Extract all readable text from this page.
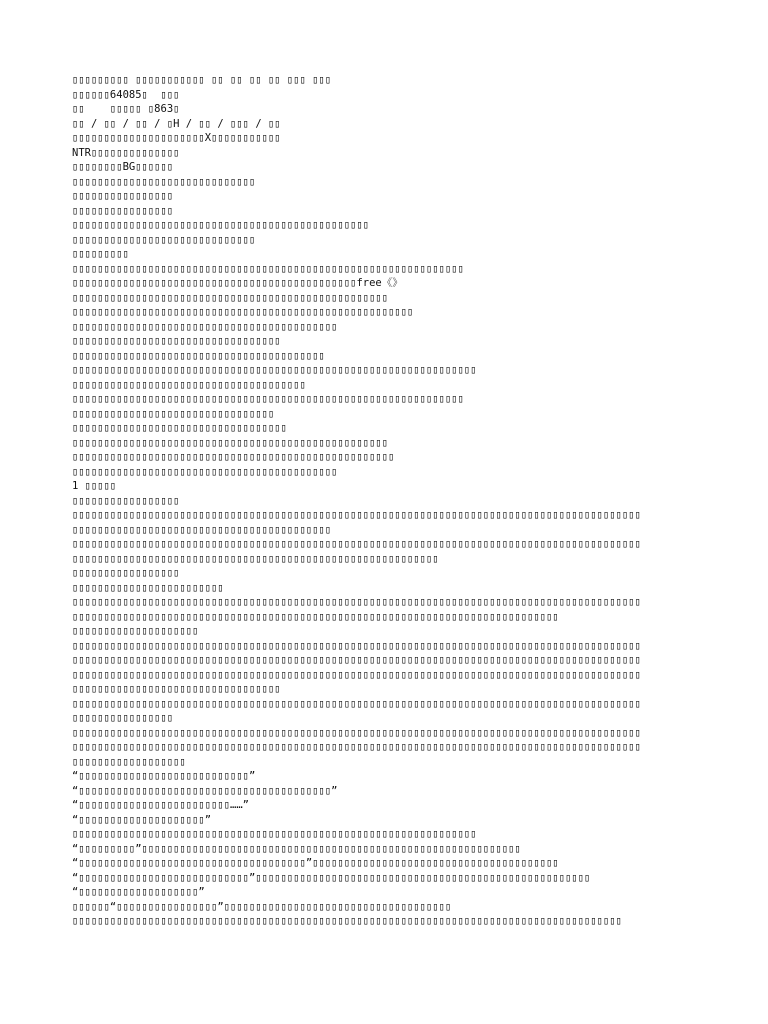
▯▯▯▯▯▯▯▯▯ ▯▯▯▯▯▯▯▯▯▯▯ ▯▯ ▯▯ ▯▯ ▯▯ ▯▯▯ ▯▯▯
▯▯▯▯▯▯64085▯  ▯▯▯
▯▯    ▯▯▯▯▯ ▯863▯
▯▯ / ▯▯ / ▯▯ / ▯H / ▯▯ / ▯▯▯ / ▯▯
▯▯▯▯▯▯▯▯▯▯▯▯▯▯▯▯▯▯▯▯▯X▯▯▯▯▯▯▯▯▯▯▯
NTR▯▯▯▯▯▯▯▯▯▯▯▯▯▯
▯▯▯▯▯▯▯▯BG▯▯▯▯▯▯
▯▯▯▯▯▯▯▯▯▯▯▯▯▯▯▯▯▯▯▯▯▯▯▯▯▯▯▯▯
▯▯▯▯▯▯▯▯▯▯▯▯▯▯▯▯
▯▯▯▯▯▯▯▯▯▯▯▯▯▯▯▯
▯▯▯▯▯▯▯▯▯▯▯▯▯▯▯▯▯▯▯▯▯▯▯▯▯▯▯▯▯▯▯▯▯▯▯▯▯▯▯▯▯▯▯▯▯▯▯
▯▯▯▯▯▯▯▯▯▯▯▯▯▯▯▯▯▯▯▯▯▯▯▯▯▯▯▯▯
▯▯▯▯▯▯▯▯▯
▯▯▯▯▯▯▯▯▯▯▯▯▯▯▯▯▯▯▯▯▯▯▯▯▯▯▯▯▯▯▯▯▯▯▯▯▯▯▯▯▯▯▯▯▯▯▯▯▯▯▯▯▯▯▯▯▯▯▯▯▯▯
▯▯▯▯▯▯▯▯▯▯▯▯▯▯▯▯▯▯▯▯▯▯▯▯▯▯▯▯▯▯▯▯▯▯▯▯▯▯▯▯▯▯▯▯▯free《》
▯▯▯▯▯▯▯▯▯▯▯▯▯▯▯▯▯▯▯▯▯▯▯▯▯▯▯▯▯▯▯▯▯▯▯▯▯▯▯▯▯▯▯▯▯▯▯▯▯▯
▯▯▯▯▯▯▯▯▯▯▯▯▯▯▯▯▯▯▯▯▯▯▯▯▯▯▯▯▯▯▯▯▯▯▯▯▯▯▯▯▯▯▯▯▯▯▯▯▯▯▯▯▯▯
▯▯▯▯▯▯▯▯▯▯▯▯▯▯▯▯▯▯▯▯▯▯▯▯▯▯▯▯▯▯▯▯▯▯▯▯▯▯▯▯▯▯
▯▯▯▯▯▯▯▯▯▯▯▯▯▯▯▯▯▯▯▯▯▯▯▯▯▯▯▯▯▯▯▯▯
▯▯▯▯▯▯▯▯▯▯▯▯▯▯▯▯▯▯▯▯▯▯▯▯▯▯▯▯▯▯▯▯▯▯▯▯▯▯▯▯
▯▯▯▯▯▯▯▯▯▯▯▯▯▯▯▯▯▯▯▯▯▯▯▯▯▯▯▯▯▯▯▯▯▯▯▯▯▯▯▯▯▯▯▯▯▯▯▯▯▯▯▯▯▯▯▯▯▯▯▯▯▯▯▯
▯▯▯▯▯▯▯▯▯▯▯▯▯▯▯▯▯▯▯▯▯▯▯▯▯▯▯▯▯▯▯▯▯▯▯▯▯
▯▯▯▯▯▯▯▯▯▯▯▯▯▯▯▯▯▯▯▯▯▯▯▯▯▯▯▯▯▯▯▯▯▯▯▯▯▯▯▯▯▯▯▯▯▯▯▯▯▯▯▯▯▯▯▯▯▯▯▯▯▯
▯▯▯▯▯▯▯▯▯▯▯▯▯▯▯▯▯▯▯▯▯▯▯▯▯▯▯▯▯▯▯▯
▯▯▯▯▯▯▯▯▯▯▯▯▯▯▯▯▯▯▯▯▯▯▯▯▯▯▯▯▯▯▯▯▯▯
▯▯▯▯▯▯▯▯▯▯▯▯▯▯▯▯▯▯▯▯▯▯▯▯▯▯▯▯▯▯▯▯▯▯▯▯▯▯▯▯▯▯▯▯▯▯▯▯▯▯
▯▯▯▯▯▯▯▯▯▯▯▯▯▯▯▯▯▯▯▯▯▯▯▯▯▯▯▯▯▯▯▯▯▯▯▯▯▯▯▯▯▯▯▯▯▯▯▯▯▯▯
▯▯▯▯▯▯▯▯▯▯▯▯▯▯▯▯▯▯▯▯▯▯▯▯▯▯▯▯▯▯▯▯▯▯▯▯▯▯▯▯▯▯
1 ▯▯▯▯▯
▯▯▯▯▯▯▯▯▯▯▯▯▯▯▯▯▯
▯▯▯▯▯▯▯▯▯▯▯▯▯▯▯▯▯▯▯▯▯▯▯▯▯▯▯▯▯▯▯▯▯▯▯▯▯▯▯▯▯▯▯▯▯▯▯▯▯▯▯▯▯▯▯▯▯▯▯▯▯▯▯▯▯▯▯▯▯▯▯▯▯▯▯▯▯▯▯▯▯▯▯▯▯▯▯▯▯▯
▯▯▯▯▯▯▯▯▯▯▯▯▯▯▯▯▯▯▯▯▯▯▯▯▯▯▯▯▯▯▯▯▯▯▯▯▯▯▯▯▯
▯▯▯▯▯▯▯▯▯▯▯▯▯▯▯▯▯▯▯▯▯▯▯▯▯▯▯▯▯▯▯▯▯▯▯▯▯▯▯▯▯▯▯▯▯▯▯▯▯▯▯▯▯▯▯▯▯▯▯▯▯▯▯▯▯▯▯▯▯▯▯▯▯▯▯▯▯▯▯▯▯▯▯▯▯▯▯▯▯▯
▯▯▯▯▯▯▯▯▯▯▯▯▯▯▯▯▯▯▯▯▯▯▯▯▯▯▯▯▯▯▯▯▯▯▯▯▯▯▯▯▯▯▯▯▯▯▯▯▯▯▯▯▯▯▯▯▯▯
▯▯▯▯▯▯▯▯▯▯▯▯▯▯▯▯▯
▯▯▯▯▯▯▯▯▯▯▯▯▯▯▯▯▯▯▯▯▯▯▯▯
▯▯▯▯▯▯▯▯▯▯▯▯▯▯▯▯▯▯▯▯▯▯▯▯▯▯▯▯▯▯▯▯▯▯▯▯▯▯▯▯▯▯▯▯▯▯▯▯▯▯▯▯▯▯▯▯▯▯▯▯▯▯▯▯▯▯▯▯▯▯▯▯▯▯▯▯▯▯▯▯▯▯▯▯▯▯▯▯▯▯
▯▯▯▯▯▯▯▯▯▯▯▯▯▯▯▯▯▯▯▯▯▯▯▯▯▯▯▯▯▯▯▯▯▯▯▯▯▯▯▯▯▯▯▯▯▯▯▯▯▯▯▯▯▯▯▯▯▯▯▯▯▯▯▯▯▯▯▯▯▯▯▯▯▯▯▯▯
▯▯▯▯▯▯▯▯▯▯▯▯▯▯▯▯▯▯▯▯
▯▯▯▯▯▯▯▯▯▯▯▯▯▯▯▯▯▯▯▯▯▯▯▯▯▯▯▯▯▯▯▯▯▯▯▯▯▯▯▯▯▯▯▯▯▯▯▯▯▯▯▯▯▯▯▯▯▯▯▯▯▯▯▯▯▯▯▯▯▯▯▯▯▯▯▯▯▯▯▯▯▯▯▯▯▯▯▯▯▯
▯▯▯▯▯▯▯▯▯▯▯▯▯▯▯▯▯▯▯▯▯▯▯▯▯▯▯▯▯▯▯▯▯▯▯▯▯▯▯▯▯▯▯▯▯▯▯▯▯▯▯▯▯▯▯▯▯▯▯▯▯▯▯▯▯▯▯▯▯▯▯▯▯▯▯▯▯▯▯▯▯▯▯▯▯▯▯▯▯▯
▯▯▯▯▯▯▯▯▯▯▯▯▯▯▯▯▯▯▯▯▯▯▯▯▯▯▯▯▯▯▯▯▯▯▯▯▯▯▯▯▯▯▯▯▯▯▯▯▯▯▯▯▯▯▯▯▯▯▯▯▯▯▯▯▯▯▯▯▯▯▯▯▯▯▯▯▯▯▯▯▯▯▯▯▯▯▯▯▯▯
▯▯▯▯▯▯▯▯▯▯▯▯▯▯▯▯▯▯▯▯▯▯▯▯▯▯▯▯▯▯▯▯▯
▯▯▯▯▯▯▯▯▯▯▯▯▯▯▯▯▯▯▯▯▯▯▯▯▯▯▯▯▯▯▯▯▯▯▯▯▯▯▯▯▯▯▯▯▯▯▯▯▯▯▯▯▯▯▯▯▯▯▯▯▯▯▯▯▯▯▯▯▯▯▯▯▯▯▯▯▯▯▯▯▯▯▯▯▯▯▯▯▯▯
▯▯▯▯▯▯▯▯▯▯▯▯▯▯▯▯
▯▯▯▯▯▯▯▯▯▯▯▯▯▯▯▯▯▯▯▯▯▯▯▯▯▯▯▯▯▯▯▯▯▯▯▯▯▯▯▯▯▯▯▯▯▯▯▯▯▯▯▯▯▯▯▯▯▯▯▯▯▯▯▯▯▯▯▯▯▯▯▯▯▯▯▯▯▯▯▯▯▯▯▯▯▯▯▯▯▯
▯▯▯▯▯▯▯▯▯▯▯▯▯▯▯▯▯▯▯▯▯▯▯▯▯▯▯▯▯▯▯▯▯▯▯▯▯▯▯▯▯▯▯▯▯▯▯▯▯▯▯▯▯▯▯▯▯▯▯▯▯▯▯▯▯▯▯▯▯▯▯▯▯▯▯▯▯▯▯▯▯▯▯▯▯▯▯▯▯▯
▯▯▯▯▯▯▯▯▯▯▯▯▯▯▯▯▯▯
“▯▯▯▯▯▯▯▯▯▯▯▯▯▯▯▯▯▯▯▯▯▯▯▯▯▯▯”
“▯▯▯▯▯▯▯▯▯▯▯▯▯▯▯▯▯▯▯▯▯▯▯▯▯▯▯▯▯▯▯▯▯▯▯▯▯▯▯▯”
“▯▯▯▯▯▯▯▯▯▯▯▯▯▯▯▯▯▯▯▯▯▯▯▯……”
“▯▯▯▯▯▯▯▯▯▯▯▯▯▯▯▯▯▯▯▯”
▯▯▯▯▯▯▯▯▯▯▯▯▯▯▯▯▯▯▯▯▯▯▯▯▯▯▯▯▯▯▯▯▯▯▯▯▯▯▯▯▯▯▯▯▯▯▯▯▯▯▯▯▯▯▯▯▯▯▯▯▯▯▯▯
“▯▯▯▯▯▯▯▯▯”▯▯▯▯▯▯▯▯▯▯▯▯▯▯▯▯▯▯▯▯▯▯▯▯▯▯▯▯▯▯▯▯▯▯▯▯▯▯▯▯▯▯▯▯▯▯▯▯▯▯▯▯▯▯▯▯▯▯▯▯
“▯▯▯▯▯▯▯▯▯▯▯▯▯▯▯▯▯▯▯▯▯▯▯▯▯▯▯▯▯▯▯▯▯▯▯▯”▯▯▯▯▯▯▯▯▯▯▯▯▯▯▯▯▯▯▯▯▯▯▯▯▯▯▯▯▯▯▯▯▯▯▯▯▯▯▯
“▯▯▯▯▯▯▯▯▯▯▯▯▯▯▯▯▯▯▯▯▯▯▯▯▯▯▯”▯▯▯▯▯▯▯▯▯▯▯▯▯▯▯▯▯▯▯▯▯▯▯▯▯▯▯▯▯▯▯▯▯▯▯▯▯▯▯▯▯▯▯▯▯▯▯▯▯▯▯▯▯
“▯▯▯▯▯▯▯▯▯▯▯▯▯▯▯▯▯▯▯”
▯▯▯▯▯▯“▯▯▯▯▯▯▯▯▯▯▯▯▯▯▯▯”▯▯▯▯▯▯▯▯▯▯▯▯▯▯▯▯▯▯▯▯▯▯▯▯▯▯▯▯▯▯▯▯▯▯▯▯
▯▯▯▯▯▯▯▯▯▯▯▯▯▯▯▯▯▯▯▯▯▯▯▯▯▯▯▯▯▯▯▯▯▯▯▯▯▯▯▯▯▯▯▯▯▯▯▯▯▯▯▯▯▯▯▯▯▯▯▯▯▯▯▯▯▯▯▯▯▯▯▯▯▯▯▯▯▯▯▯▯▯▯▯▯▯▯
